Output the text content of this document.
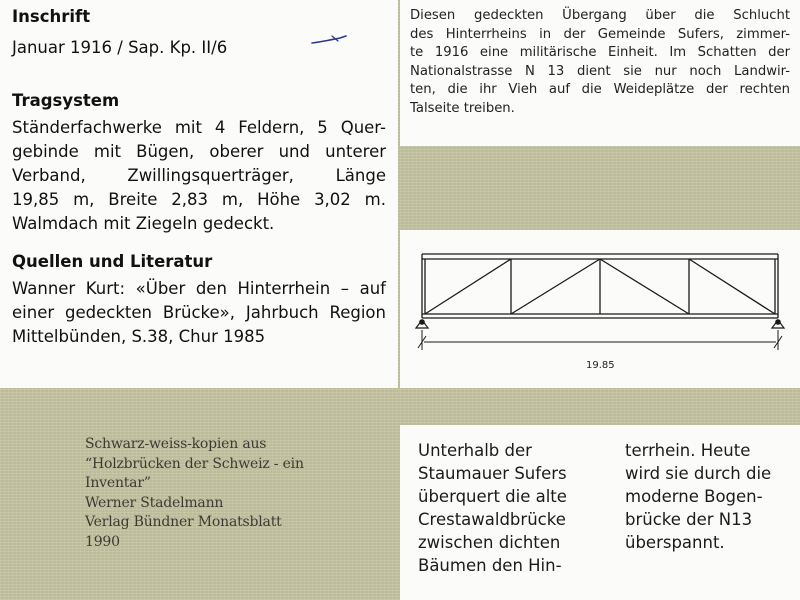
Inschrift

Januar 1916 / Sap. Kp. II/6

Tragsystem

Ständerfachwerke mit 4 Feldern, 5 Quer-
gebinde mit Bügen, oberer und unterer
Verband, Zwillingsquerträger, Länge
19,85 m, Breite 2,83 m, Höhe 3,02 m.
Walmdach mit Ziegeln gedeckt.

Quellen und Literatur

Wanner Kurt: «Über den Hinterrhein – auf
einer gedeckten Brücke», Jahrbuch Region
Mittelbünden, S.38, Chur 1985

Diesen gedeckten Übergang über die Schlucht
des Hinterrheins in der Gemeinde Sufers, zimmer-
te 1916 eine militärische Einheit. Im Schatten der
Nationalstrasse N 13 dient sie nur noch Landwir-
ten, die ihr Vieh auf die Weideplätze der rechten
Talseite treiben.

19.85
Schwarz-weiss-kopien aus
“Holzbrücken der Schweiz - ein
Inventar”
Werner Stadelmann
Verlag Bündner Monatsblatt
1990
Unterhalb der
Staumauer Sufers
überquert die alte
Crestawaldbrücke
zwischen dichten
Bäumen den Hin-
terrhein. Heute
wird sie durch die
moderne Bogen-
brücke der N13
überspannt.
